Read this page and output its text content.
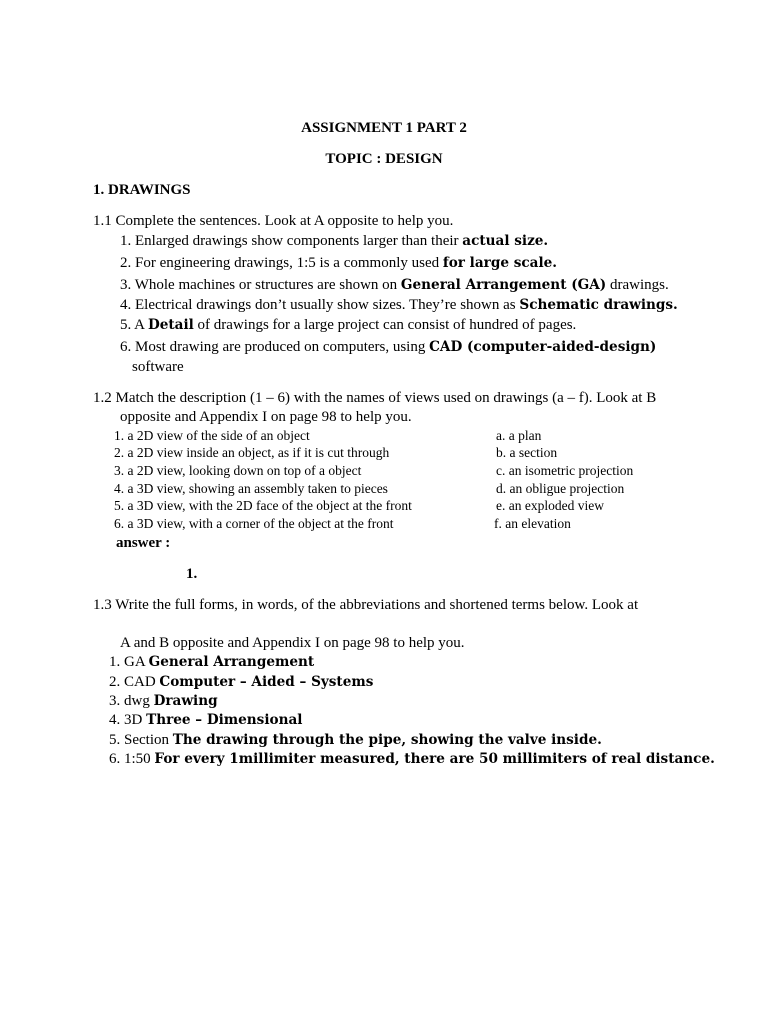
ASSIGNMENT 1 PART 2
TOPIC : DESIGN
1. DRAWINGS
1.1 Complete the sentences. Look at A opposite to help you.
1. Enlarged drawings show components larger than their actual size.
2. For engineering drawings, 1:5 is a commonly used for large scale.
3. Whole machines or structures are shown on General Arrangement (GA) drawings.
4. Electrical drawings don’t usually show sizes. They’re shown as Schematic drawings.
5. A Detail of drawings for a large project can consist of hundred of pages.
6. Most drawing are produced on computers, using CAD (computer-aided-design)
software
1.2 Match the description (1 – 6) with the names of views used on drawings (a – f). Look at B
opposite and Appendix I on page 98 to help you.
1. a 2D view of the side of an object
2. a 2D view inside an object, as if it is cut through
3. a 2D view, looking down on top of a object
4. a 3D view, showing an assembly taken to pieces
5. a 3D view, with the 2D face of the object at the front
6. a 3D view, with a corner of the object at the front
a. a plan
b. a section
c. an isometric projection
d. an obligue projection
e. an exploded view
f. an elevation
answer :
1.
1.3 Write the full forms, in words, of the abbreviations and shortened terms below. Look at
A and B opposite and Appendix I on page 98 to help you.
1. GA General Arrangement
2. CAD Computer – Aided – Systems
3. dwg Drawing
4. 3D Three – Dimensional
5. Section The drawing through the pipe, showing the valve inside.
6. 1:50 For every 1millimiter measured, there are 50 millimiters of real distance.
